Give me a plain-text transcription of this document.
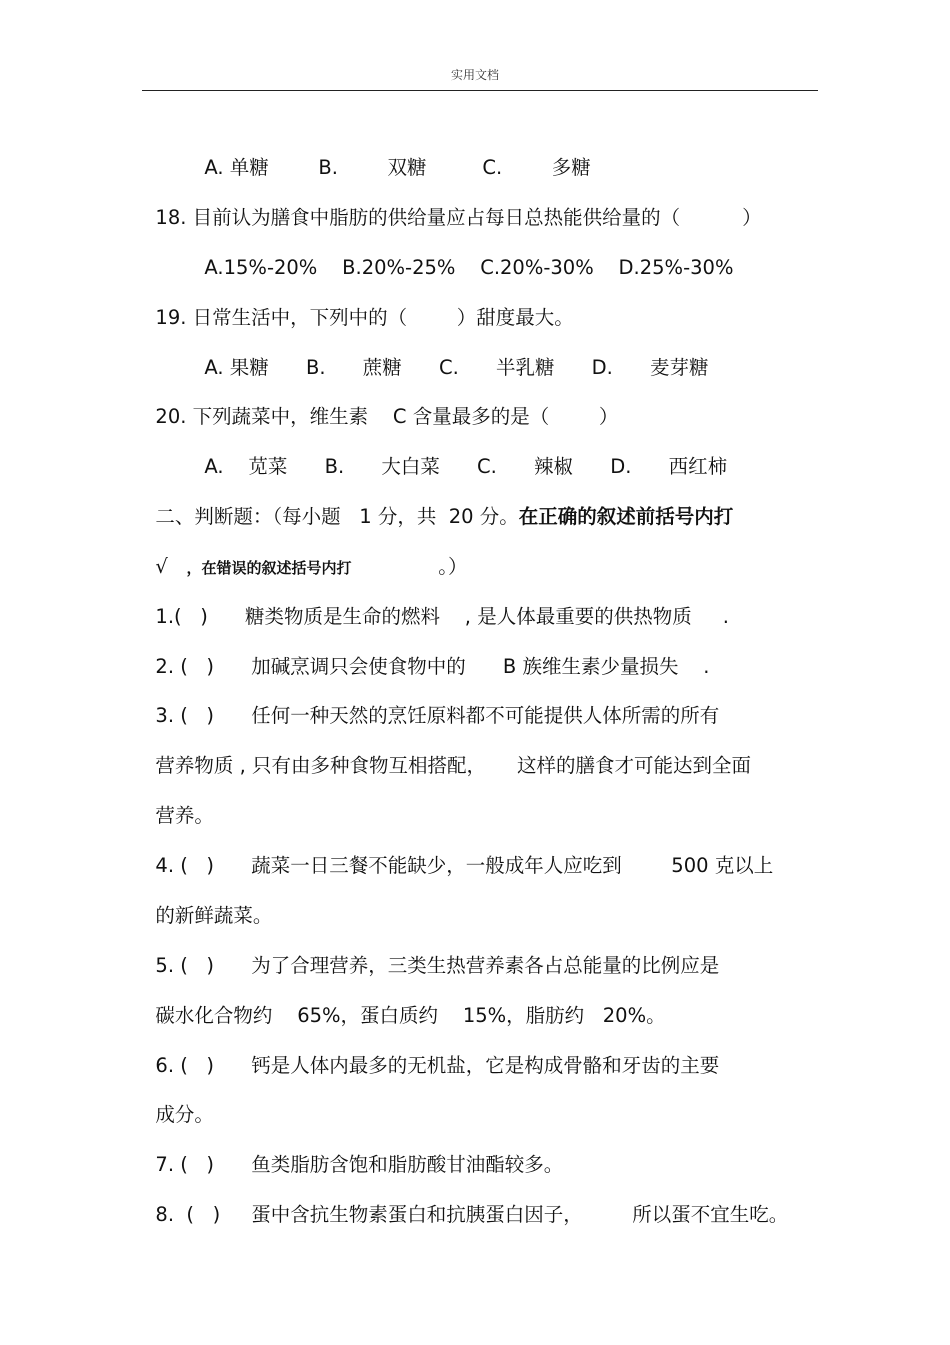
实用文档

A. 单糖        B.        双糖         C.        多糖

18. 目前认为膳食中脂肪的供给量应占每日总热能供给量的（          ）

A.15%-20%    B.20%-25%    C.20%-30%    D.25%-30%

19. 日常生活中，下列中的（        ）甜度最大。

A. 果糖      B.      蔗糖      C.      半乳糖      D.      麦芽糖

20. 下列蔬菜中，维生素    C 含量最多的是（        ）

A.    苋菜      B.      大白菜      C.      辣椒      D.      西红柿

二、判断题：（每小题   1 分，共  20 分。在正确的叙述前括号内打

√   ，在错误的叙述括号内打              。）

1.(   )      糖类物质是生命的燃料    , 是人体最重要的供热物质     .

2. (   )      加碱烹调只会使食物中的      B 族维生素少量损失    .

3. (   )      任何一种天然的烹饪原料都不可能提供人体所需的所有

营养物质 , 只有由多种食物互相搭配，     这样的膳食才可能达到全面

营养。

4. (   )      蔬菜一日三餐不能缺少，一般成年人应吃到        500 克以上

的新鲜蔬菜。

5. (   )      为了合理营养，三类生热营养素各占总能量的比例应是

碳水化合物约    65%，蛋白质约    15%，脂肪约   20%。

6. (   )      钙是人体内最多的无机盐，它是构成骨骼和牙齿的主要

成分。

7. (   )      鱼类脂肪含饱和脂肪酸甘油酯较多。

8.  (   )     蛋中含抗生物素蛋白和抗胰蛋白因子，        所以蛋不宜生吃。
